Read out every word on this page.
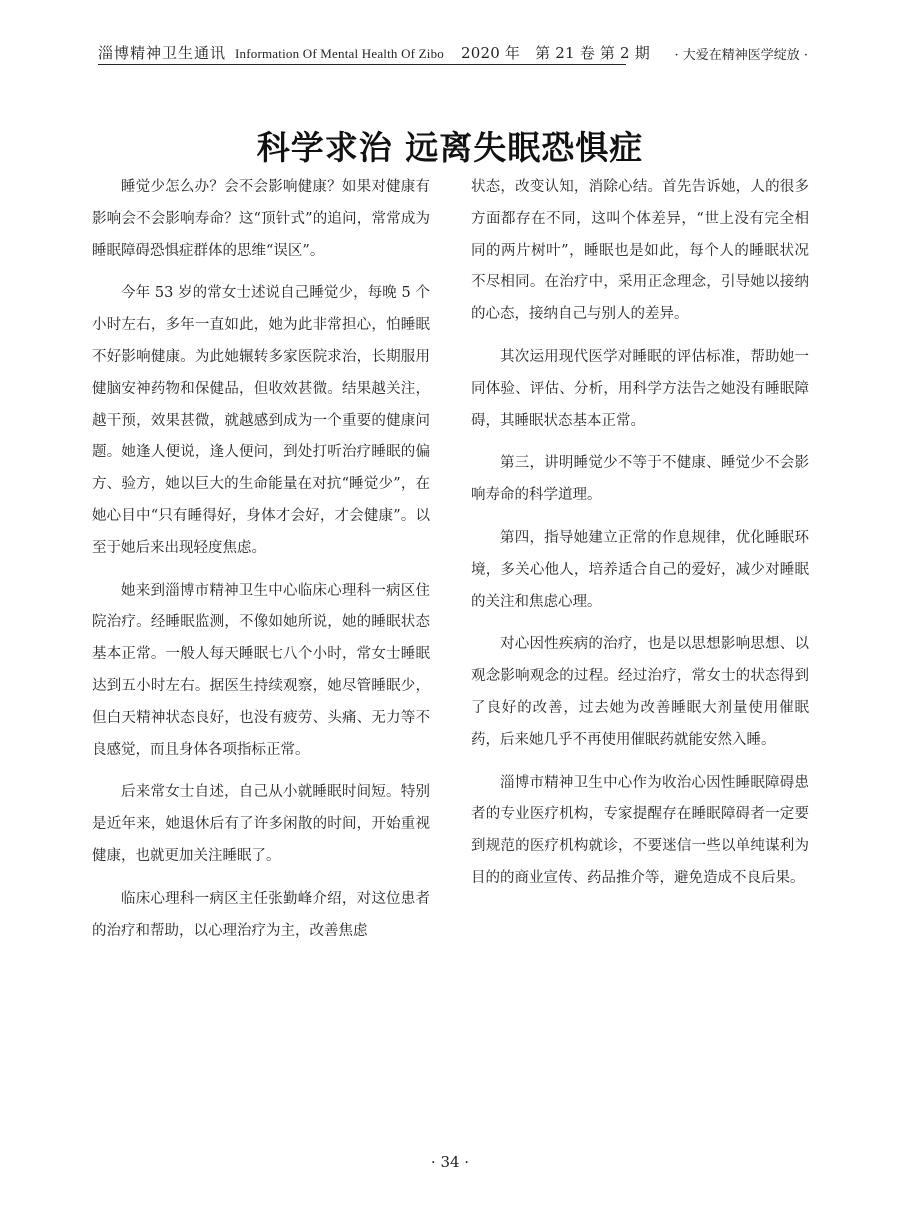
淄博精神卫生通讯 Information Of Mental Health Of Zibo 2020 年 第 21 卷 第 2 期 · 大爱在精神医学绽放 ·
科学求治 远离失眠恐惧症

睡觉少怎么办？会不会影响健康？如果对健康有影响会不会影响寿命？这“顶针式”的追问，常常成为睡眠障碍恐惧症群体的思维“误区”。

今年 53 岁的常女士述说自己睡觉少，每晚 5 个小时左右，多年一直如此，她为此非常担心，怕睡眠不好影响健康。为此她辗转多家医院求治，长期服用健脑安神药物和保健品，但收效甚微。结果越关注，越干预，效果甚微，就越感到成为一个重要的健康问题。她逢人便说，逢人便问，到处打听治疗睡眠的偏方、验方，她以巨大的生命能量在对抗“睡觉少”，在她心目中“只有睡得好，身体才会好，才会健康”。以至于她后来出现轻度焦虑。

她来到淄博市精神卫生中心临床心理科一病区住院治疗。经睡眠监测，不像如她所说，她的睡眠状态基本正常。一般人每天睡眠七八个小时，常女士睡眠达到五小时左右。据医生持续观察，她尽管睡眠少，但白天精神状态良好，也没有疲劳、头痛、无力等不良感觉，而且身体各项指标正常。

后来常女士自述，自己从小就睡眠时间短。特别是近年来，她退休后有了许多闲散的时间，开始重视健康，也就更加关注睡眠了。

临床心理科一病区主任张勤峰介绍，对这位患者的治疗和帮助，以心理治疗为主，改善焦虑

状态，改变认知，消除心结。首先告诉她，人的很多方面都存在不同，这叫个体差异，“世上没有完全相同的两片树叶”，睡眠也是如此，每个人的睡眠状况不尽相同。在治疗中，采用正念理念，引导她以接纳的心态，接纳自己与别人的差异。

其次运用现代医学对睡眠的评估标准，帮助她一同体验、评估、分析，用科学方法告之她没有睡眠障碍，其睡眠状态基本正常。

第三，讲明睡觉少不等于不健康、睡觉少不会影响寿命的科学道理。

第四，指导她建立正常的作息规律，优化睡眠环境，多关心他人，培养适合自己的爱好，减少对睡眠的关注和焦虑心理。

对心因性疾病的治疗，也是以思想影响思想、以观念影响观念的过程。经过治疗，常女士的状态得到了良好的改善，过去她为改善睡眠大剂量使用催眠药，后来她几乎不再使用催眠药就能安然入睡。

淄博市精神卫生中心作为收治心因性睡眠障碍患者的专业医疗机构，专家提醒存在睡眠障碍者一定要到规范的医疗机构就诊，不要迷信一些以单纯谋利为目的的商业宣传、药品推介等，避免造成不良后果。

· 34 ·
